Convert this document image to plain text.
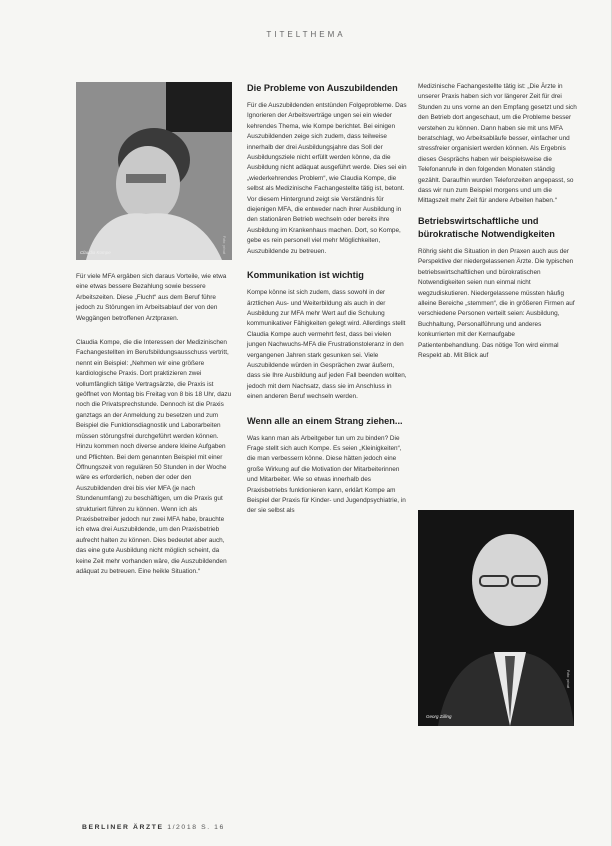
TITELTHEMA
Claudia Kompe	Foto: privat

Für viele MFA ergäben sich daraus Vorteile, wie etwa eine etwas bessere Bezahlung sowie bessere Arbeitszeiten. Diese „Flucht“ aus dem Beruf führe jedoch zu Störungen im Arbeitsablauf der von den Weggängen betroffenen Arztpraxen.

Claudia Kompe, die die Interessen der Medizinischen Fachangestellten im Berufsbildungsausschuss vertritt, nennt ein Beispiel: „Nehmen wir eine größere kardiologische Praxis. Dort praktizieren zwei vollumfänglich tätige Vertragsärzte, die Praxis ist geöffnet von Montag bis Freitag von 8 bis 18 Uhr, dazu noch die Privatsprechstunde. Dennoch ist die Praxis ganztags an der Anmeldung zu besetzen und zum Beispiel die Funktionsdiagnostik und Laborarbeiten müssen störungsfrei durchgeführt werden können. Hinzu kommen noch diverse andere kleine Aufgaben und Pflichten. Bei dem genannten Beispiel mit einer Öffnungszeit von regulären 50 Stunden in der Woche wäre es erforderlich, neben der oder den Auszubildenden drei bis vier MFA (je nach Stundenumfang) zu beschäftigen, um die Praxis gut strukturiert führen zu können. Wenn ich als Praxisbetreiber jedoch nur zwei MFA habe, brauchte ich etwa drei Auszubildende, um den Praxisbetrieb aufrecht halten zu können. Dies bedeutet aber auch, das eine gute Ausbildung nicht möglich scheint, da keine Zeit mehr vorhanden wäre, die Auszubildenden adäquat zu betreuen. Eine heikle Situation.“

Die Probleme von Auszubildenden

Für die Auszubildenden entstünden Folgeprobleme. Das Ignorieren der Arbeitsverträge ungen sei ein wieder kehrendes Thema, wie Kompe berichtet. Bei einigen Auszubildenden zeige sich zudem, dass teilweise innerhalb der drei Ausbildungsjahre das Soll der Ausbildungsziele nicht erfüllt werden könne, da die Ausbildung nicht adäquat ausgeführt werde. Dies sei ein „wiederkehrendes Problem“, wie Claudia Kompe, die selbst als Medizinische Fachangestellte tätig ist, betont. Vor diesem Hintergrund zeigt sie Verständnis für diejenigen MFA, die entweder nach ihrer Ausbildung in den stationären Betrieb wechseln oder bereits ihre Ausbildung im Krankenhaus machen. Dort, so Kompe, gebe es rein personell viel mehr Möglichkeiten, Auszubildende zu betreuen.

Kommunikation ist wichtig

Kompe könne ist sich zudem, dass sowohl in der ärztlichen Aus- und Weiterbildung als auch in der Ausbildung zur MFA mehr Wert auf die Schulung kommunikativer Fähigkeiten gelegt wird. Allerdings stellt Claudia Kompe auch vermehrt fest, dass bei vielen jungen Nachwuchs-MFA die Frustrationstoleranz in den vergangenen Jahren stark gesunken sei. Viele Auszubildende würden in Gesprächen zwar äußern, dass sie Ihre Ausbildung auf jeden Fall beenden wollten, jedoch mit dem Nachsatz, dass sie im Anschluss in einen anderen Beruf wechseln werden.

Wenn alle an einem Strang ziehen...

Was kann man als Arbeitgeber tun um zu binden? Die Frage stellt sich auch Kompe. Es seien „Kleinigkeiten“, die man verbessern könne. Diese hätten jedoch eine große Wirkung auf die Motivation der Mitarbeiterinnen und Mitarbeiter. Wie so etwas innerhalb des Praxisbetriebs funktionieren kann, erklärt Kompe am Beispiel der Praxis für Kinder- und Jugendpsychiatrie, in der sie selbst als

Medizinische Fachangestellte tätig ist: „Die Ärzte in unserer Praxis haben sich vor längerer Zeit für drei Stunden zu uns vorne an den Empfang gesetzt und sich den Betrieb dort angeschaut, um die Probleme besser verstehen zu können. Dann haben sie mit uns MFA beratschlagt, wo Arbeitsabläufe besser, einfacher und stressfreier organisiert werden können. Als Ergebnis dieses Gesprächs haben wir beispielsweise die Telefonanrufe in den folgenden Monaten ständig gezählt. Daraufhin wurden Telefonzeiten angepasst, so dass wir nun zum Beispiel morgens und um die Mittagszeit mehr Zeit für andere Arbeiten haben.“

Betriebswirtschaftliche und bürokratische Notwendigkeiten

Röhrig sieht die Situation in den Praxen auch aus der Perspektive der niedergelassenen Ärzte. Die typischen betriebswirtschaftlichen und bürokratischen Notwendigkeiten seien nun einmal nicht wegzudiskutieren. Niedergelassene müssten häufig alleine Bereiche „stemmen“, die in größeren Firmen auf verschiedene Personen verteilt seien: Ausbildung, Buchhaltung, Personalführung und anderes konkurrierten mit der Kernaufgabe Patientenbehandlung. Das nötige Ton wird einmal Respekt ab. Mit Blick auf

Georg Zilling
Foto: privat
BERLINER ÄRZTE 1/2018 S. 16
